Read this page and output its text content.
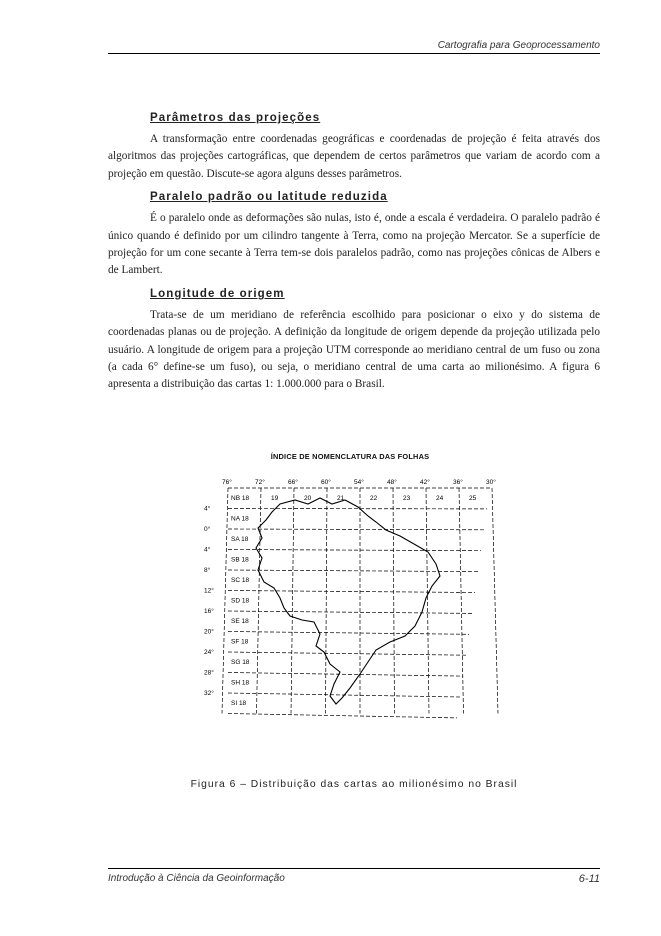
Cartografia para Geoprocessamento
Parâmetros das projeções

A transformação entre coordenadas geográficas e coordenadas de projeção é feita através dos algoritmos das projeções cartográficas, que dependem de certos parâmetros que variam de acordo com a projeção em questão. Discute-se agora alguns desses parâmetros.

Paralelo padrão ou latitude reduzida

É o paralelo onde as deformações são nulas, isto é, onde a escala é verdadeira. O paralelo padrão é único quando é definido por um cilindro tangente à Terra, como na projeção Mercator. Se a superfície de projeção for um cone secante à Terra tem-se dois paralelos padrão, como nas projeções cônicas de Albers e de Lambert.

Longitude de origem

Trata-se de um meridiano de referência escolhido para posicionar o eixo y do sistema de coordenadas planas ou de projeção. A definição da longitude de origem depende da projeção utilizada pelo usuário. A longitude de origem para a projeção UTM corresponde ao meridiano central de um fuso ou zona (a cada 6° define-se um fuso), ou seja, o meridiano central de uma carta ao milionésimo. A figura 6 apresenta a distribuição das cartas 1: 1.000.000 para o Brasil.

ÍNDICE DE NOMENCLATURA DAS FOLHAS
76°	72°	66°	60°	54°	48°	42°	36°	30°
4°
0°
4°
8°
12°
16°
20°
24°
28°
32°
NB 18
NA 18
SA 18
SB 18
SC 18
SD 18
SE 18
SF 18
SG 18
SH 18
SI 18
19	20	21	22	23	24	25
Figura 6 – Distribuição das cartas ao milionésimo no Brasil
Introdução à Ciência da Geoinformação	6-11
